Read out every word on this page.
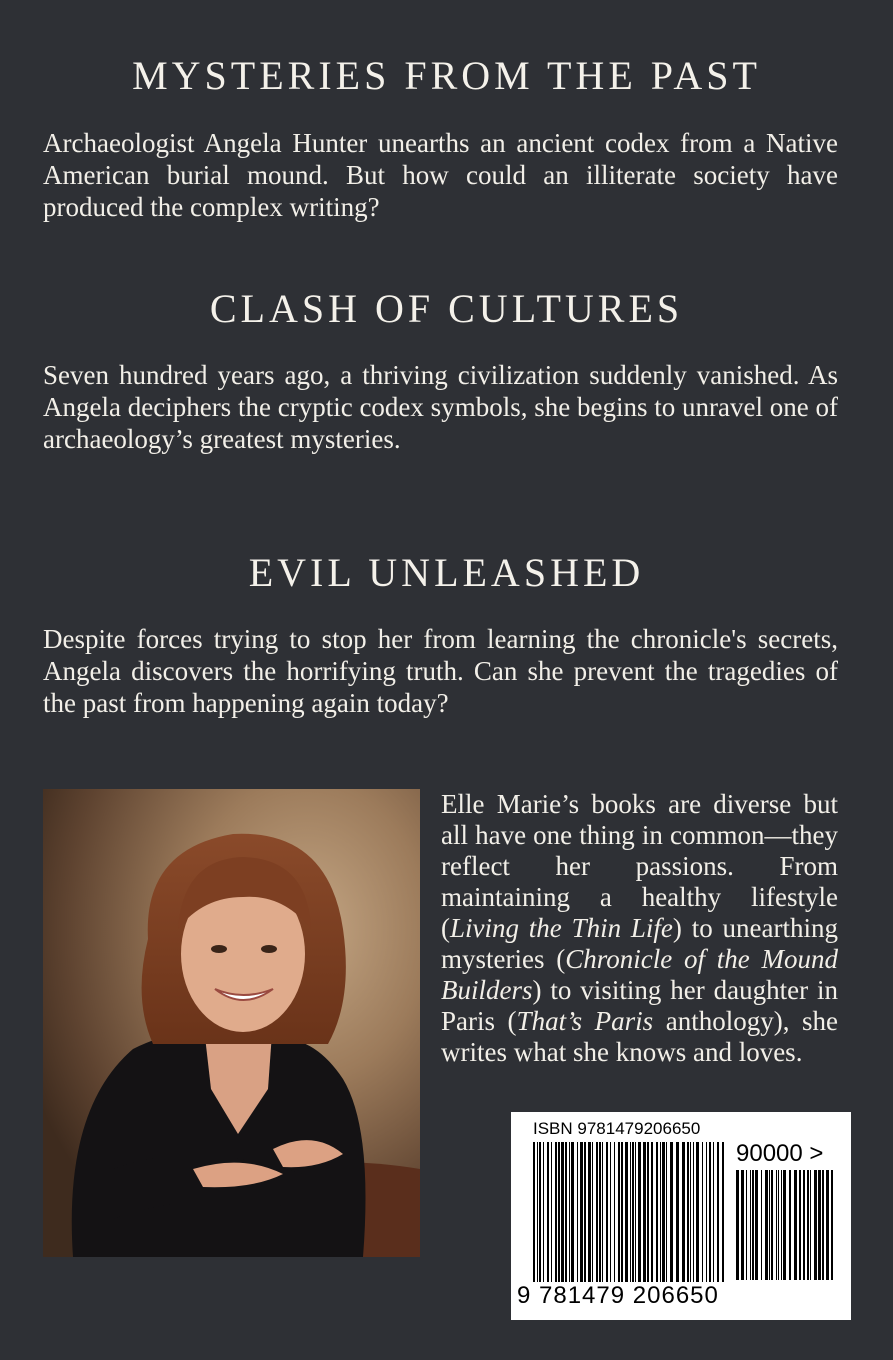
MYSTERIES FROM THE PAST

Archaeologist Angela Hunter unearths an ancient codex from a Native American burial mound. But how could an illiterate society have produced the complex writing?

CLASH OF CULTURES

Seven hundred years ago, a thriving civilization suddenly vanished. As Angela deciphers the cryptic codex symbols, she begins to unravel one of archaeology’s greatest mysteries.

EVIL UNLEASHED

Despite forces trying to stop her from learning the chronicle's secrets, Angela discovers the horrifying truth. Can she prevent the tragedies of the past from happening again today?

Elle Marie’s books are diverse but all have one thing in common—they reflect her passions. From maintaining a healthy lifestyle (Living the Thin Life) to unearthing mysteries (Chronicle of the Mound Builders) to visiting her daughter in Paris (That’s Paris anthology), she writes what she knows and loves.

ISBN 9781479206650
90000 >
9 781479 206650
